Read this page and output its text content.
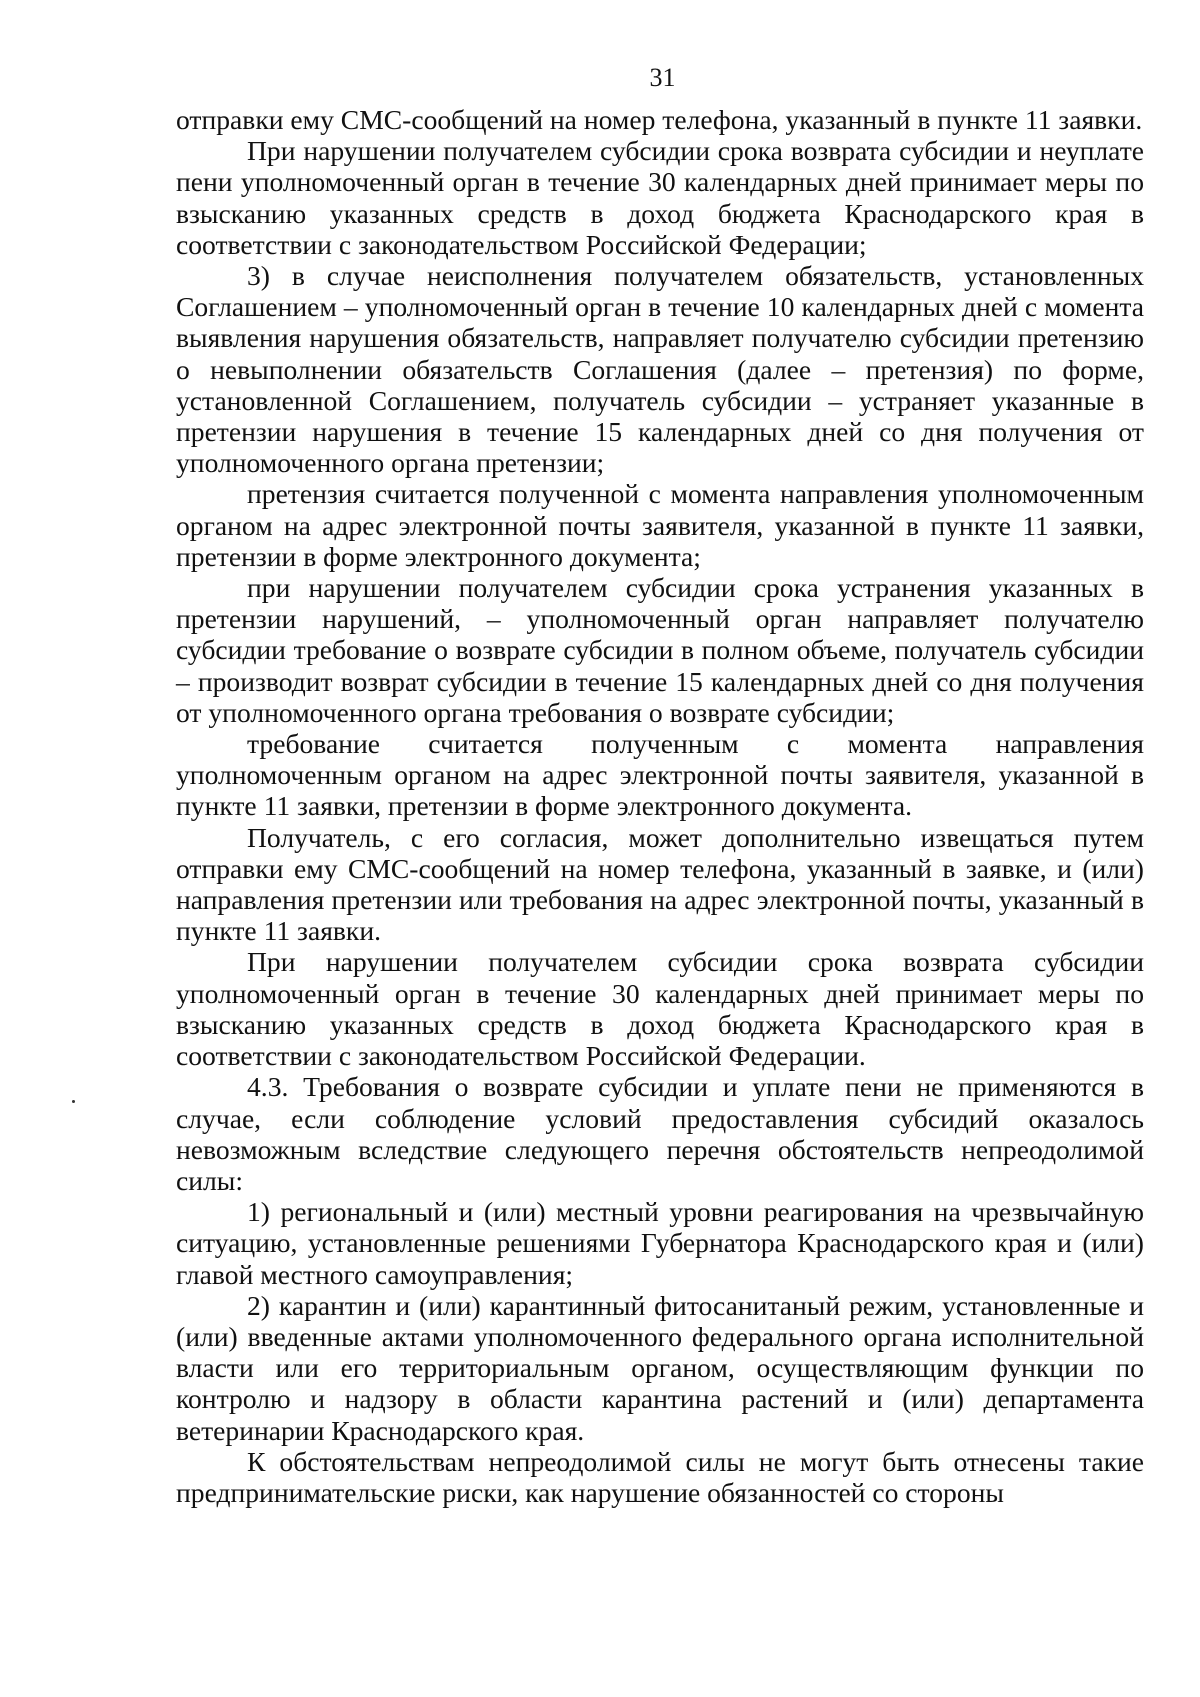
31

отправки ему СМС-сообщений на номер телефона, указанный в пункте 11 заявки.

При нарушении получателем субсидии срока возврата субсидии и неуплате пени уполномоченный орган в течение 30 календарных дней принимает меры по взысканию указанных средств в доход бюджета Краснодарского края в соответствии с законодательством Российской Федерации;

3) в случае неисполнения получателем обязательств, установленных Соглашением – уполномоченный орган в течение 10 календарных дней с момента выявления нарушения обязательств, направляет получателю субсидии претензию о невыполнении обязательств Соглашения (далее – претензия) по форме, установленной Соглашением, получатель субсидии – устраняет указанные в претензии нарушения в течение 15 календарных дней со дня получения от уполномоченного органа претензии;

претензия считается полученной с момента направления уполномоченным органом на адрес электронной почты заявителя, указанной в пункте 11 заявки, претензии в форме электронного документа;

при нарушении получателем субсидии срока устранения указанных в претензии нарушений, – уполномоченный орган направляет получателю субсидии требование о возврате субсидии в полном объеме, получатель субсидии – производит возврат субсидии в течение 15 календарных дней со дня получения от уполномоченного органа требования о возврате субсидии;

требование считается полученным с момента направления уполномоченным органом на адрес электронной почты заявителя, указанной в пункте 11 заявки, претензии в форме электронного документа.

Получатель, с его согласия, может дополнительно извещаться путем отправки ему СМС-сообщений на номер телефона, указанный в заявке, и (или) направления претензии или требования на адрес электронной почты, указанный в пункте 11 заявки.

При нарушении получателем субсидии срока возврата субсидии уполномоченный орган в течение 30 календарных дней принимает меры по взысканию указанных средств в доход бюджета Краснодарского края в соответствии с законодательством Российской Федерации.

4.3. Требования о возврате субсидии и уплате пени не применяются в случае, если соблюдение условий предоставления субсидий оказалось невозможным вследствие следующего перечня обстоятельств непреодолимой силы:

1) региональный и (или) местный уровни реагирования на чрезвычайную ситуацию, установленные решениями Губернатора Краснодарского края и (или) главой местного самоуправления;

2) карантин и (или) карантинный фитосанитаный режим, установленные и (или) введенные актами уполномоченного федерального органа исполнительной власти или его территориальным органом, осуществляющим функции по контролю и надзору в области карантина растений и (или) департамента ветеринарии Краснодарского края.

К обстоятельствам непреодолимой силы не могут быть отнесены такие предпринимательские риски, как нарушение обязанностей со стороны
